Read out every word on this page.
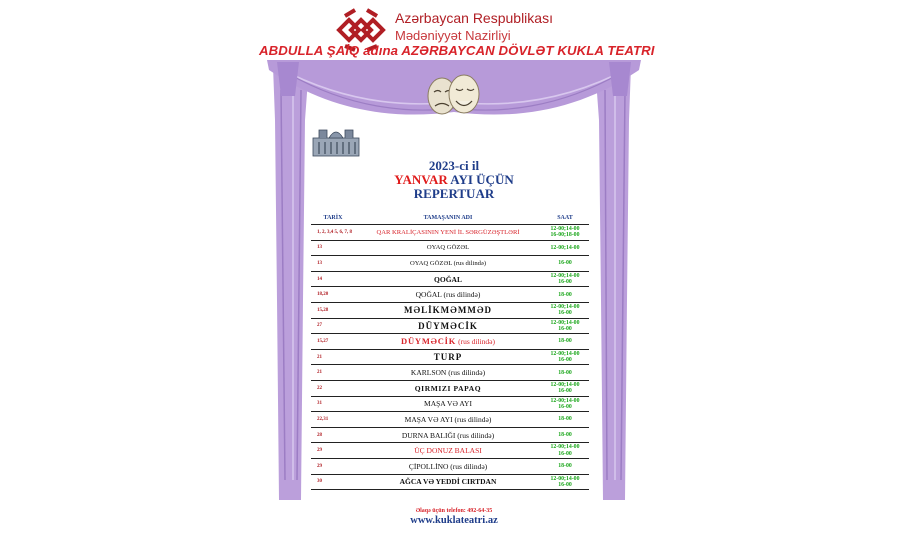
Azərbaycan Respublikası
Mədəniyyət Nazirliyi
ABDULLA ŞAİQ adına AZƏRBAYCAN DÖVLƏT KUKLA TEATRI
2023-ci il
YANVAR AYI ÜÇÜN
REPERTUAR
TARİX	TAMAŞANIN ADI	SAAT
1, 2, 3,4 5, 6, 7, 8	QAR KRALİÇASININ YENİ İL SƏRGÜZƏŞTLƏRİ	12-00;14-00
16-00;18-00
13	OYAQ GÖZƏL	12-00;14-00
13	OYAQ GÖZƏL (rus dilində)	16-00
14	QOĞAL	12-00;14-00
16-00
18,20	QOĞAL (rus dilində)	18-00
15,28	MƏLİKMƏMMƏD	12-00;14-00
16-00
27	DÜYMƏCİK	12-00;14-00
16-00
15,27	DÜYMƏCİK (rus dilində)	18-00
21	TURP	12-00;14-00
16-00
21	KARLSON (rus dilində)	18-00
22	QIRMIZI PAPAQ	12-00;14-00
16-00
31	MAŞA VƏ AYI	12-00;14-00
16-00
22,31	MAŞA VƏ AYI (rus dilində)	18-00
28	DURNA BALIĞI (rus dilində)	18-00
29	ÜÇ DONUZ BALASI	12-00;14-00
16-00
29	ÇİPOLLİNO (rus dilində)	18-00
30	AĞCA VƏ YEDDİ CIRTDAN	12-00;14-00
16-00
Əlaqə üçün telefon: 492-64-35
www.kuklateatri.az
